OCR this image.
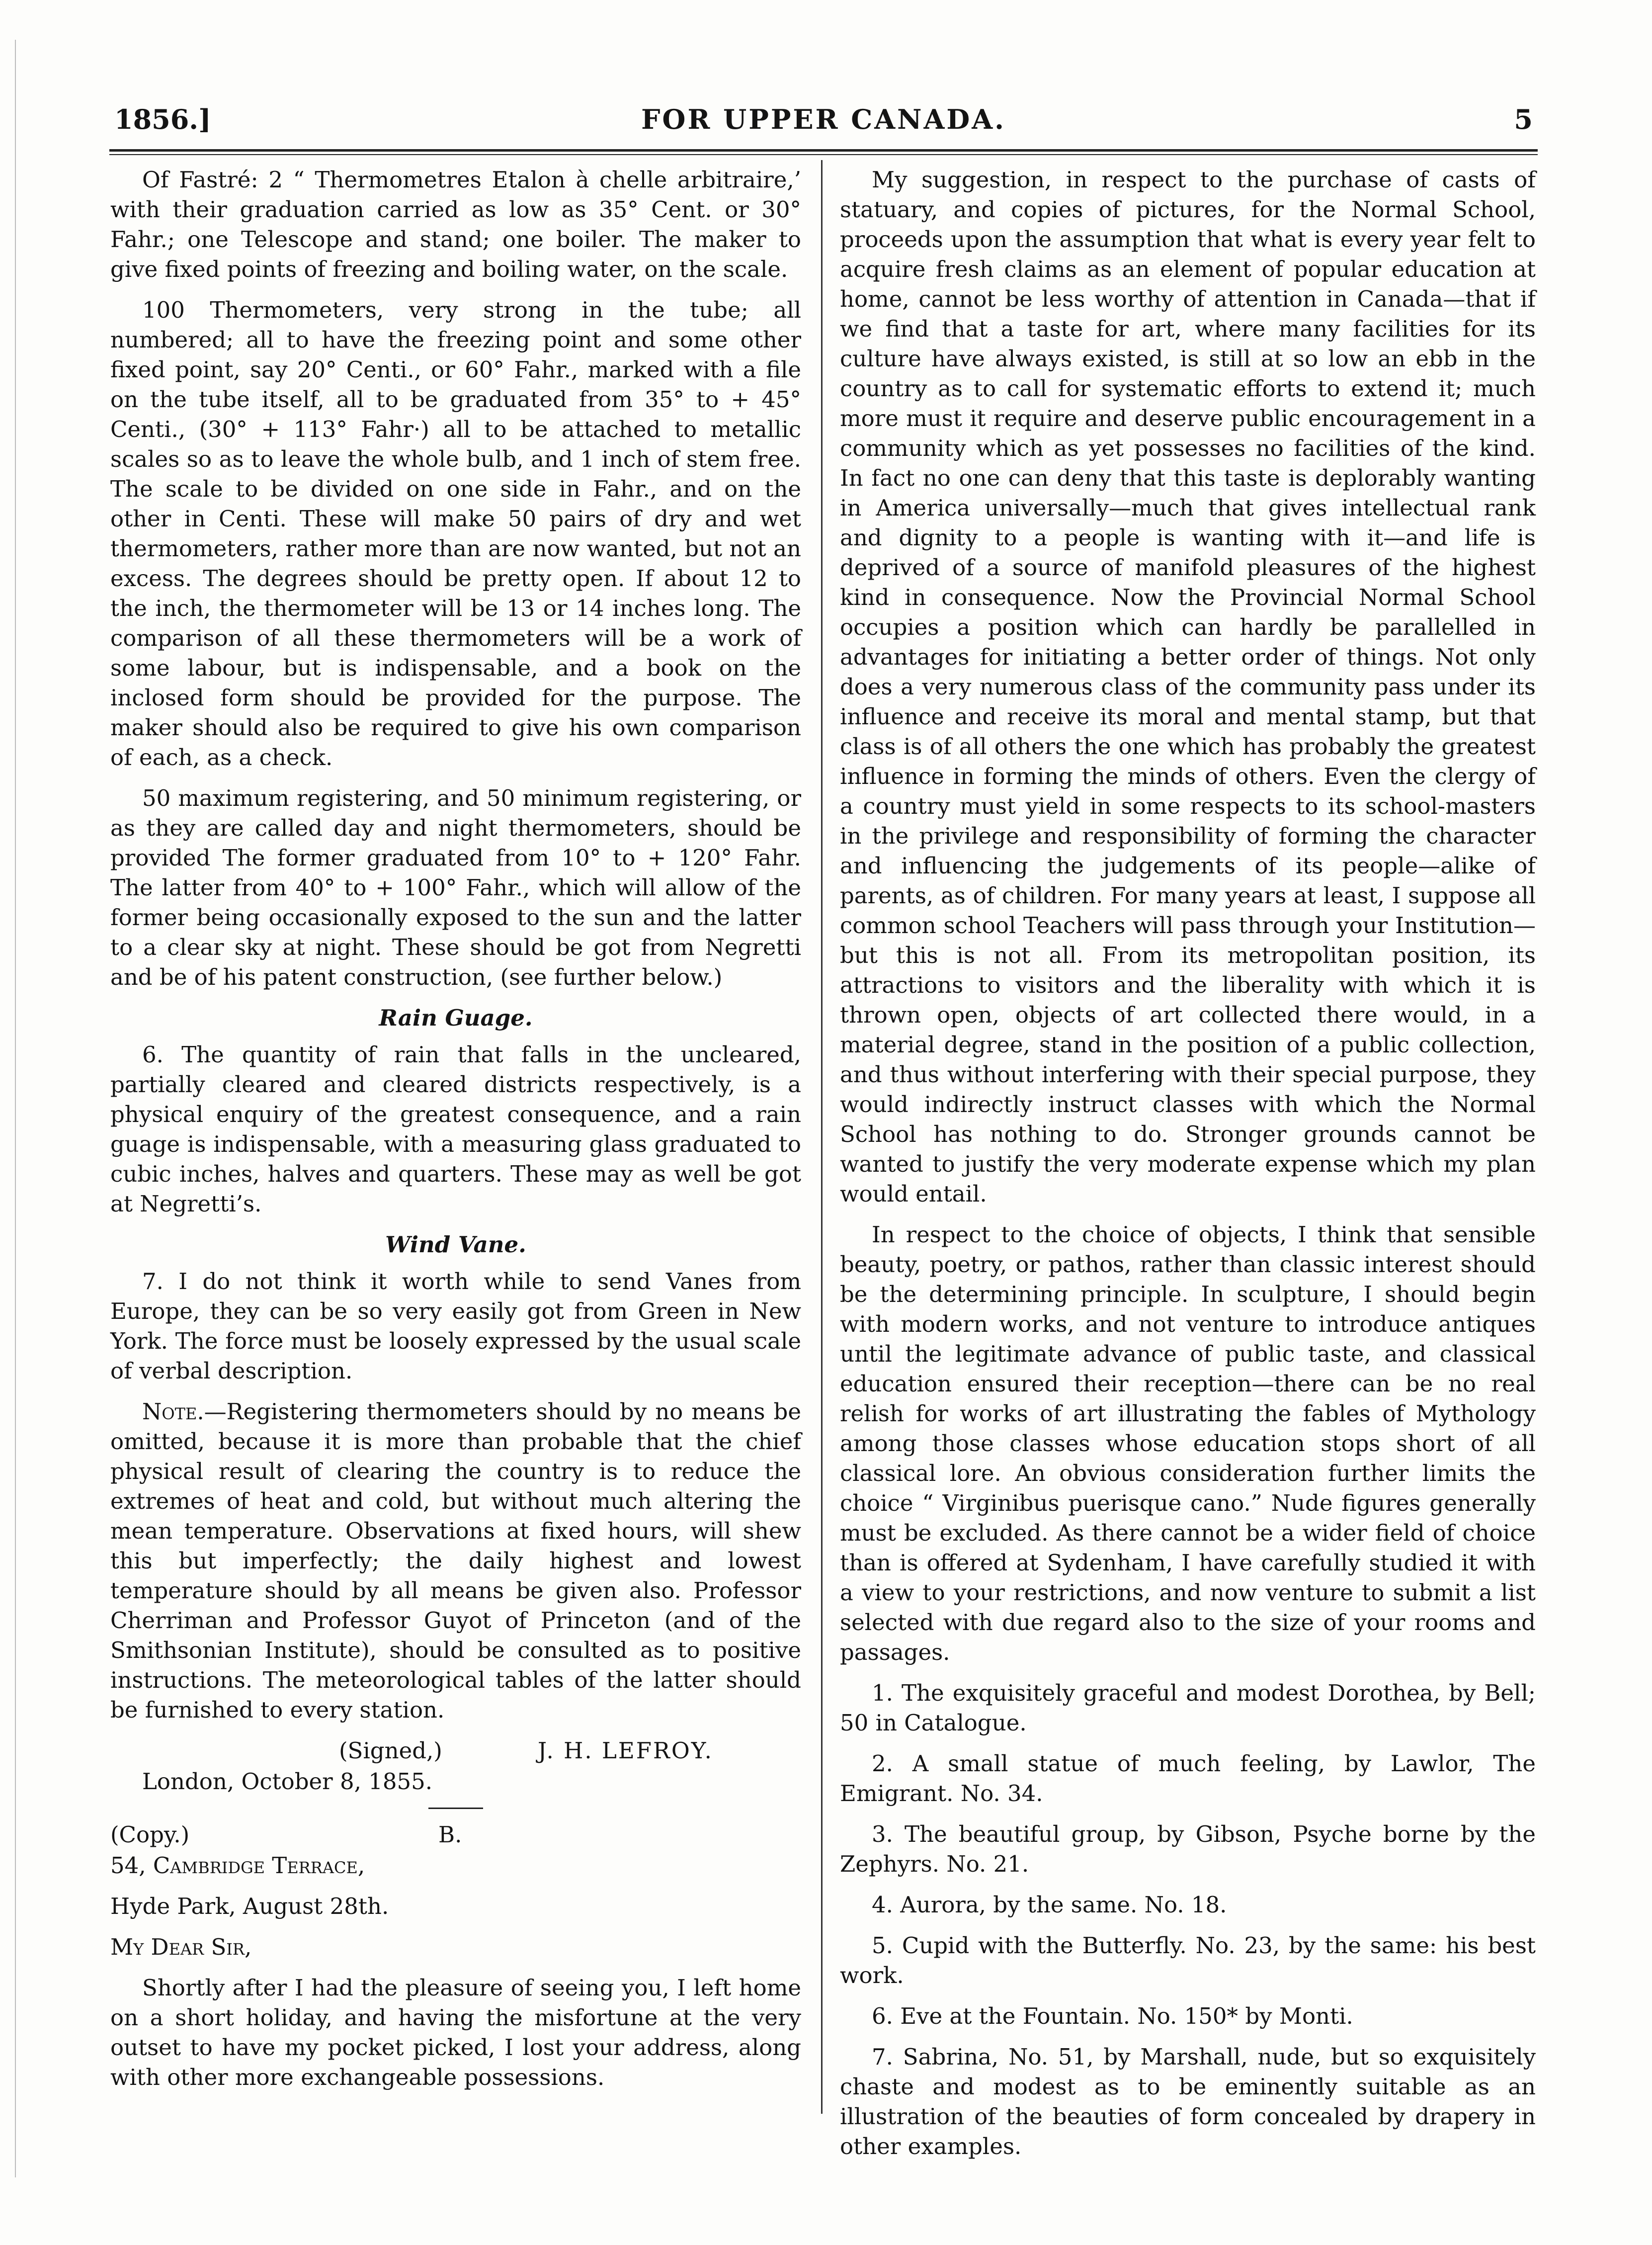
1856.]	FOR UPPER CANADA.	5

Of Fastré: 2 “ Thermometres Etalon à chelle arbitraire,’ with their graduation carried as low as 35° Cent. or 30° Fahr.; one Telescope and stand; one boiler. The maker to give fixed points of freezing and boiling water, on the scale.

100 Thermometers, very strong in the tube; all numbered; all to have the freezing point and some other fixed point, say 20° Centi., or 60° Fahr., marked with a file on the tube itself, all to be graduated from 35° to + 45° Centi., (30° + 113° Fahr·) all to be attached to metallic scales so as to leave the whole bulb, and 1 inch of stem free. The scale to be divided on one side in Fahr., and on the other in Centi. These will make 50 pairs of dry and wet thermometers, rather more than are now wanted, but not an excess. The degrees should be pretty open. If about 12 to the inch, the thermometer will be 13 or 14 inches long. The comparison of all these thermometers will be a work of some labour, but is indispensable, and a book on the inclosed form should be provided for the purpose. The maker should also be required to give his own comparison of each, as a check.

50 maximum registering, and 50 minimum registering, or as they are called day and night thermometers, should be provided The former graduated from 10° to + 120° Fahr. The latter from 40° to + 100° Fahr., which will allow of the former being occasionally exposed to the sun and the latter to a clear sky at night. These should be got from Negretti and be of his patent construction, (see further below.)

Rain Guage.

6. The quantity of rain that falls in the uncleared, partially cleared and cleared districts respectively, is a physical enquiry of the greatest consequence, and a rain guage is indispensable, with a measuring glass graduated to cubic inches, halves and quarters. These may as well be got at Negretti’s.

Wind Vane.

7. I do not think it worth while to send Vanes from Europe, they can be so very easily got from Green in New York. The force must be loosely expressed by the usual scale of verbal description.

Note.—Registering thermometers should by no means be omitted, because it is more than probable that the chief physical result of clearing the country is to reduce the extremes of heat and cold, but without much altering the mean temperature. Observations at fixed hours, will shew this but imperfectly; the daily highest and lowest temperature should by all means be given also. Professor Cherriman and Professor Guyot of Princeton (and of the Smithsonian Institute), should be consulted as to positive instructions. The meteorological tables of the latter should be furnished to every station.

(Signed,)	J. H. LEFROY.

London, October 8, 1855.

(Copy.)	B.

54, Cambridge Terrace,

Hyde Park, August 28th.

My Dear Sir,

Shortly after I had the pleasure of seeing you, I left home on a short holiday, and having the misfortune at the very outset to have my pocket picked, I lost your address, along with other more exchangeable possessions.

My suggestion, in respect to the purchase of casts of statuary, and copies of pictures, for the Normal School, proceeds upon the assumption that what is every year felt to acquire fresh claims as an element of popular education at home, cannot be less worthy of attention in Canada—that if we find that a taste for art, where many facilities for its culture have always existed, is still at so low an ebb in the country as to call for systematic efforts to extend it; much more must it require and deserve public encouragement in a community which as yet possesses no facilities of the kind. In fact no one can deny that this taste is deplorably wanting in America universally—much that gives intellectual rank and dignity to a people is wanting with it—and life is deprived of a source of manifold pleasures of the highest kind in consequence. Now the Provincial Normal School occupies a position which can hardly be parallelled in advantages for initiating a better order of things. Not only does a very numerous class of the community pass under its influence and receive its moral and mental stamp, but that class is of all others the one which has probably the greatest influence in forming the minds of others. Even the clergy of a country must yield in some respects to its school-masters in the privilege and responsibility of forming the character and influencing the judgements of its people—alike of parents, as of children. For many years at least, I suppose all common school Teachers will pass through your Institution—but this is not all. From its metropolitan position, its attractions to visitors and the liberality with which it is thrown open, objects of art collected there would, in a material degree, stand in the position of a public collection, and thus without interfering with their special purpose, they would indirectly instruct classes with which the Normal School has nothing to do. Stronger grounds cannot be wanted to justify the very moderate expense which my plan would entail.

In respect to the choice of objects, I think that sensible beauty, poetry, or pathos, rather than classic interest should be the determining principle. In sculpture, I should begin with modern works, and not venture to introduce antiques until the legitimate advance of public taste, and classical education ensured their reception—there can be no real relish for works of art illustrating the fables of Mythology among those classes whose education stops short of all classical lore. An obvious consideration further limits the choice “ Virginibus puerisque cano.” Nude figures generally must be excluded. As there cannot be a wider field of choice than is offered at Sydenham, I have carefully studied it with a view to your restrictions, and now venture to submit a list selected with due regard also to the size of your rooms and passages.

1. The exquisitely graceful and modest Dorothea, by Bell; 50 in Catalogue.

2. A small statue of much feeling, by Lawlor, The Emigrant. No. 34.

3. The beautiful group, by Gibson, Psyche borne by the Zephyrs. No. 21.

4. Aurora, by the same. No. 18.

5. Cupid with the Butterfly. No. 23, by the same: his best work.

6. Eve at the Fountain. No. 150* by Monti.

7. Sabrina, No. 51, by Marshall, nude, but so exquisitely chaste and modest as to be eminently suitable as an illustration of the beauties of form concealed by drapery in other examples.
